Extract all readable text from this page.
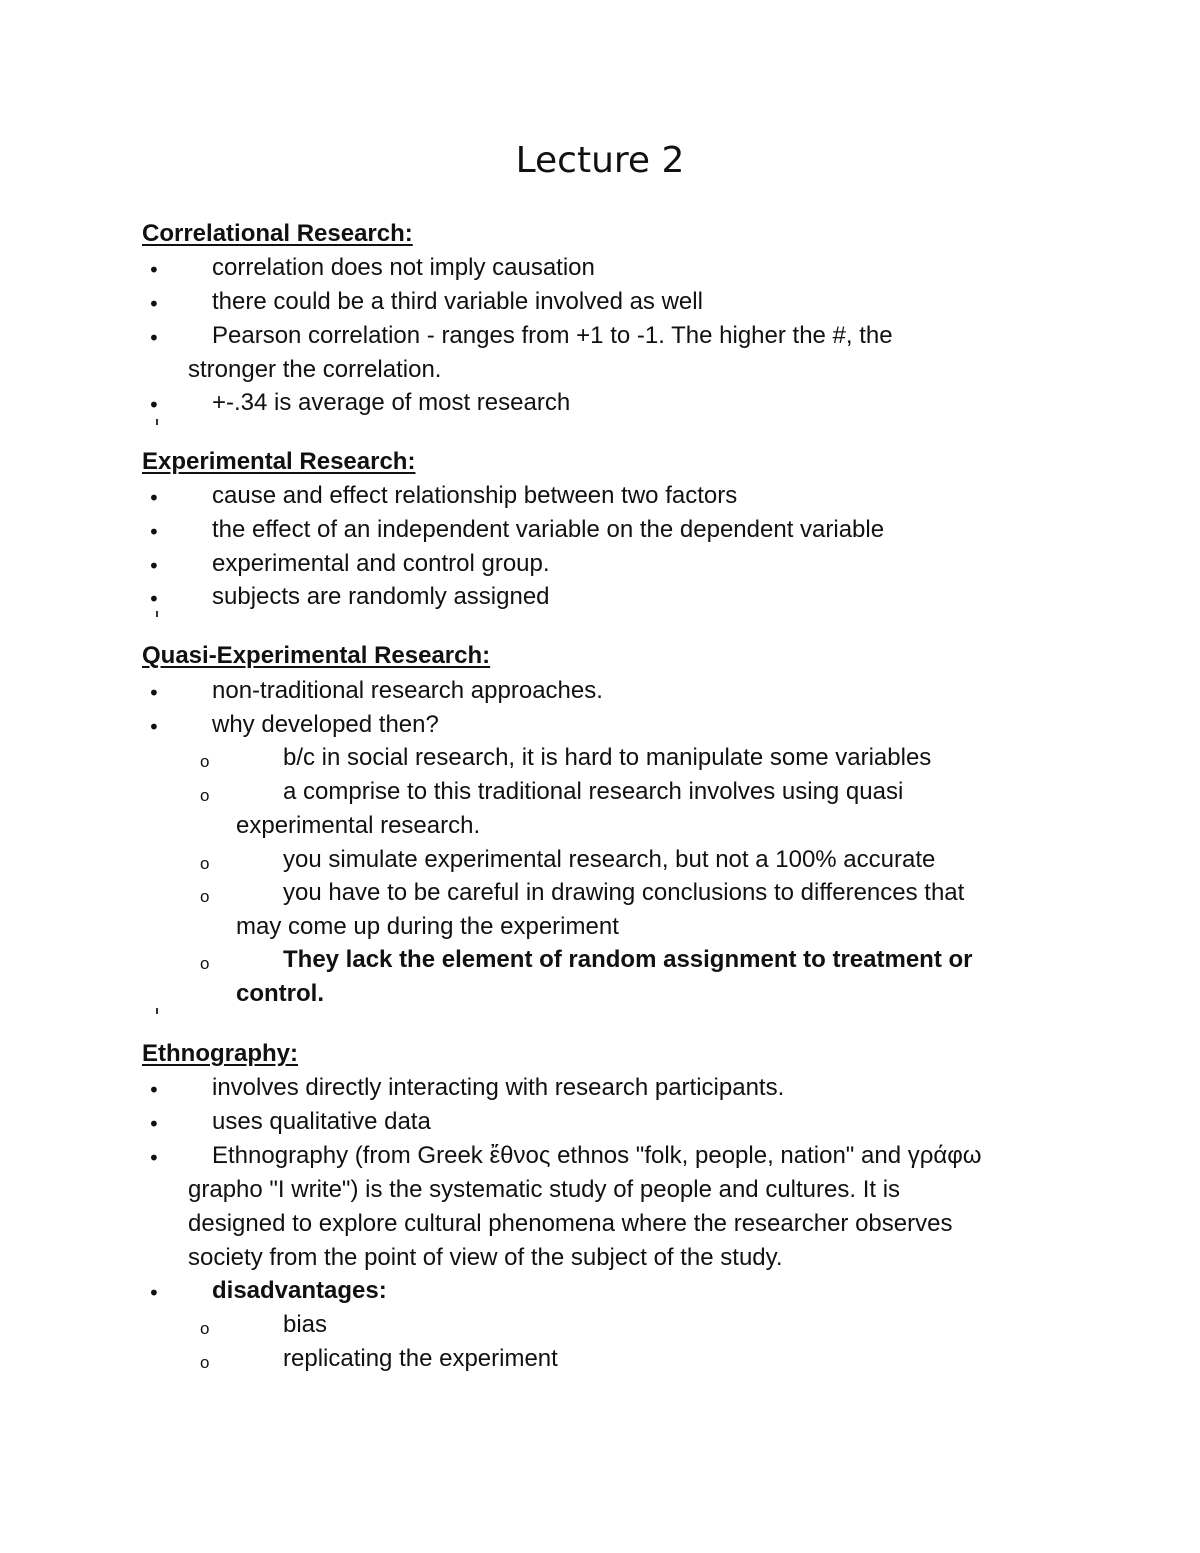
Lecture 2
Correlational Research:
• correlation does not imply causation
• there could be a third variable involved as well
• Pearson correlation - ranges from +1 to -1. The higher the #, the
stronger the correlation.
• +-.34 is average of most research
Experimental Research:
• cause and effect relationship between two factors
• the effect of an independent variable on the dependent variable
• experimental and control group.
• subjects are randomly assigned
Quasi-Experimental Research:
• non-traditional research approaches.
• why developed then?
o	b/c in social research, it is hard to manipulate some variables
o	a comprise to this traditional research involves using quasi
experimental research.
o	you simulate experimental research, but not a 100% accurate
o	you have to be careful in drawing conclusions to differences that
may come up during the experiment
o	They lack the element of random assignment to treatment or
control.
Ethnography:
• involves directly interacting with research participants.
• uses qualitative data
• Ethnography (from Greek ἔθνος ethnos "folk, people, nation" and γράφω
grapho "I write") is the systematic study of people and cultures. It is
designed to explore cultural phenomena where the researcher observes
society from the point of view of the subject of the study.
• disadvantages:
o	bias
o	replicating the experiment
